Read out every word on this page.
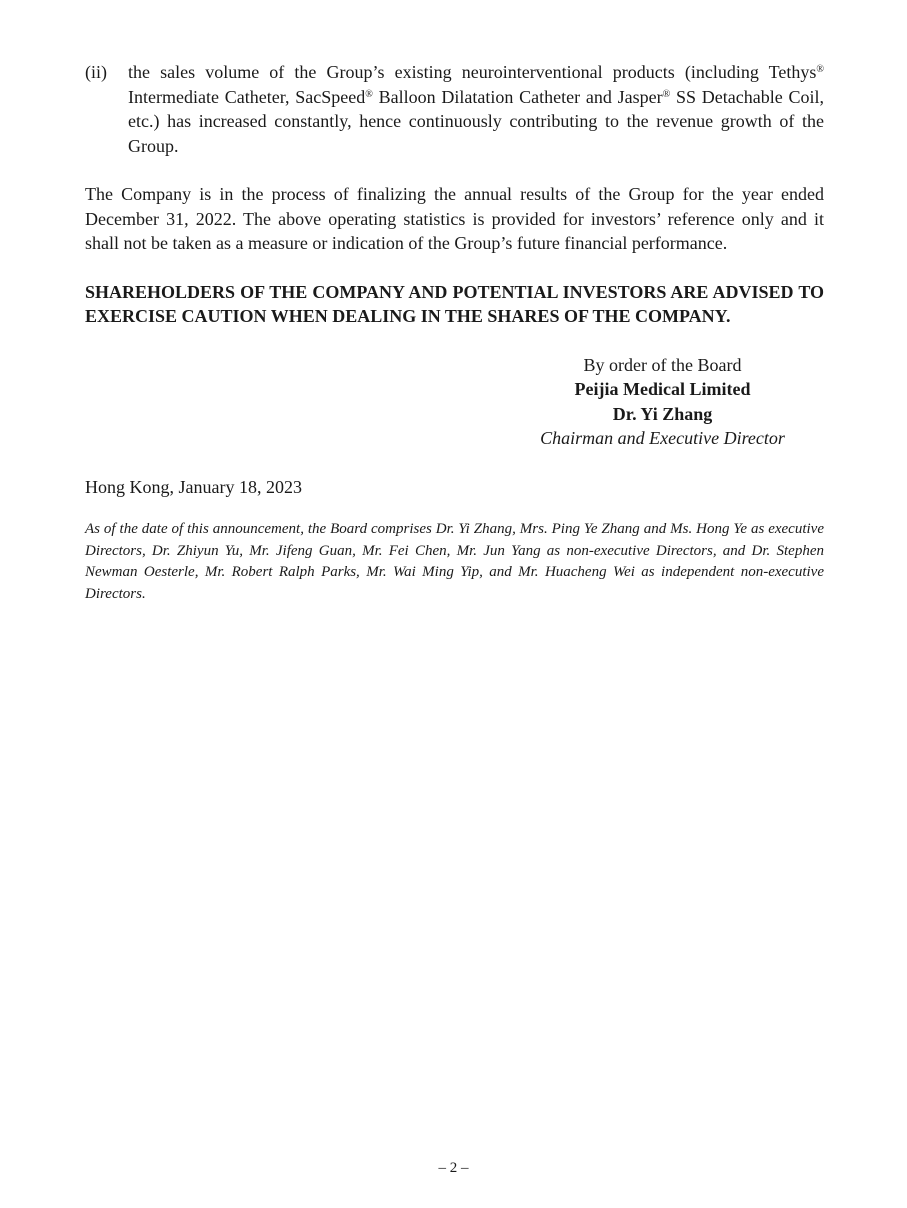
(ii)	the sales volume of the Group’s existing neurointerventional products (including Tethys® Intermediate Catheter, SacSpeed® Balloon Dilatation Catheter and Jasper® SS Detachable Coil, etc.) has increased constantly, hence continuously contributing to the revenue growth of the Group.

The Company is in the process of finalizing the annual results of the Group for the year ended December 31, 2022. The above operating statistics is provided for investors’ reference only and it shall not be taken as a measure or indication of the Group’s future financial performance.

SHAREHOLDERS OF THE COMPANY AND POTENTIAL INVESTORS ARE ADVISED TO EXERCISE CAUTION WHEN DEALING IN THE SHARES OF THE COMPANY.

By order of the Board
Peijia Medical Limited
Dr. Yi Zhang
Chairman and Executive Director
Hong Kong, January 18, 2023

As of the date of this announcement, the Board comprises Dr. Yi Zhang, Mrs. Ping Ye Zhang and Ms. Hong Ye as executive Directors, Dr. Zhiyun Yu, Mr. Jifeng Guan, Mr. Fei Chen, Mr. Jun Yang as non-executive Directors, and Dr. Stephen Newman Oesterle, Mr. Robert Ralph Parks, Mr. Wai Ming Yip, and Mr. Huacheng Wei as independent non-executive Directors.

– 2 –
